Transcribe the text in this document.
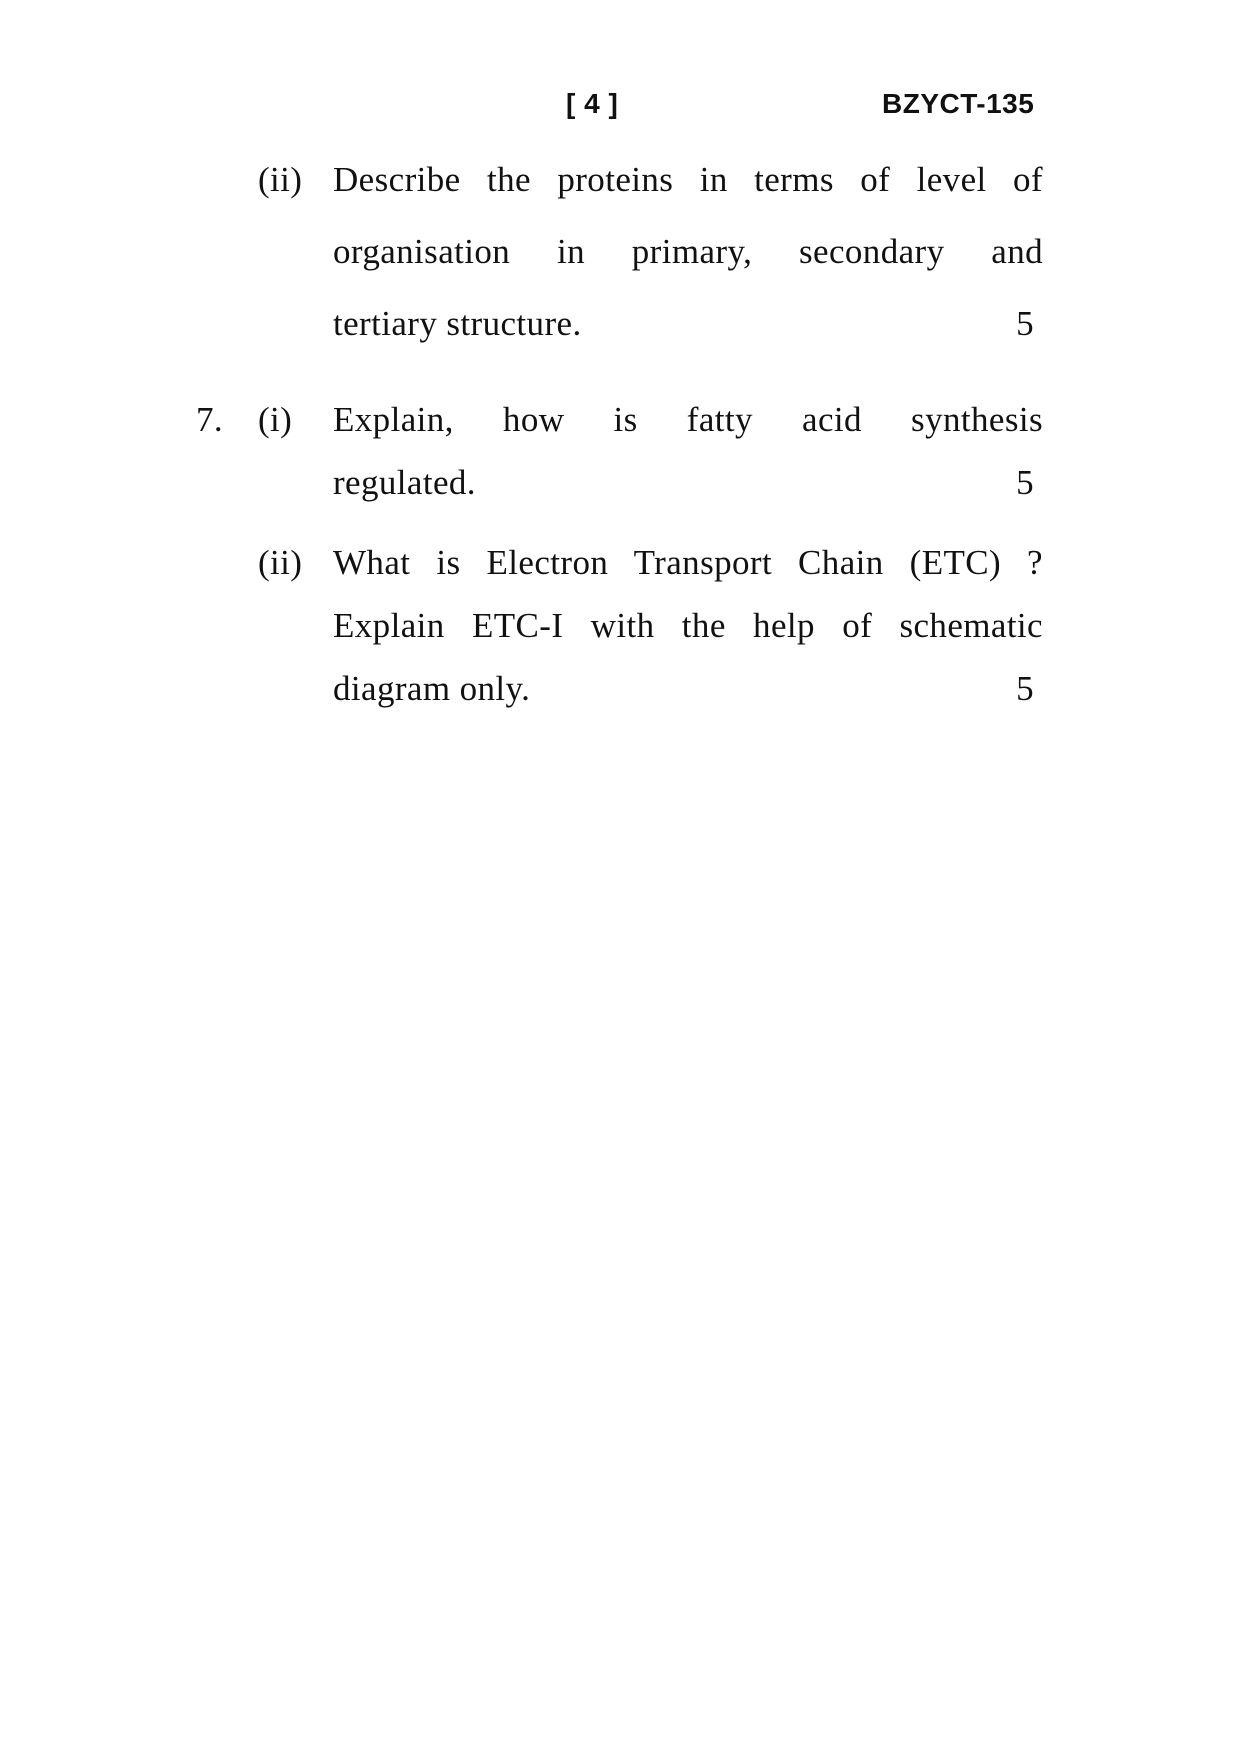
[ 4 ]	BZYCT-135
(ii) Describe the proteins in terms of level of
organisation in primary, secondary and
tertiary structure.	5
7. (i) Explain, how is fatty acid synthesis
regulated.	5
(ii) What is Electron Transport Chain (ETC) ?
Explain ETC-I with the help of schematic
diagram only.	5
